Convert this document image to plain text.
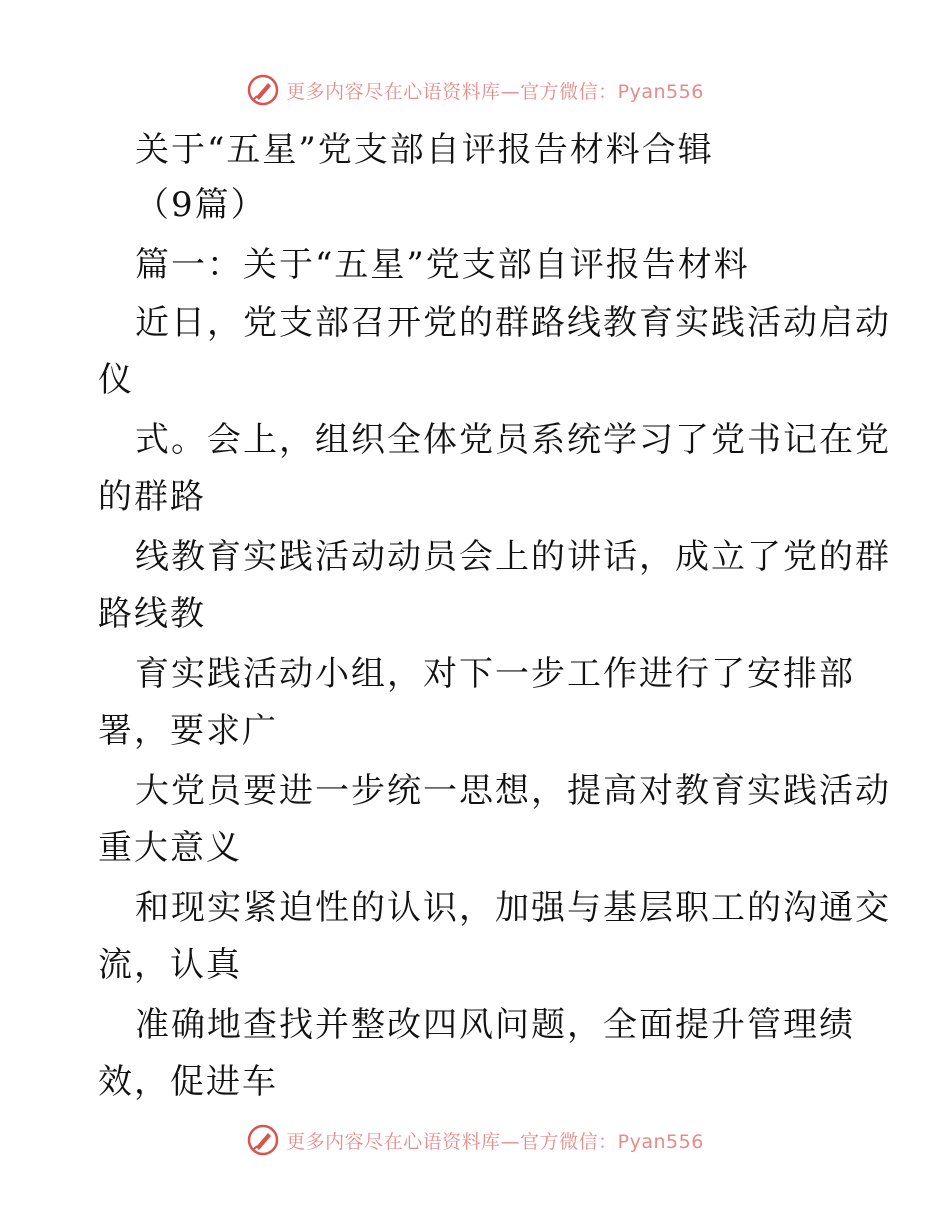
更多内容尽在心语资料库—官方微信：Pyan556
关于“五星”党支部自评报告材料合辑
（9篇）
篇一：关于“五星”党支部自评报告材料
近日，党支部召开党的群路线教育实践活动启动
仪
式。会上，组织全体党员系统学习了党书记在党
的群路
线教育实践活动动员会上的讲话，成立了党的群
路线教
育实践活动小组，对下一步工作进行了安排部
署，要求广
大党员要进一步统一思想，提高对教育实践活动
重大意义
和现实紧迫性的认识，加强与基层职工的沟通交
流，认真
准确地查找并整改四风问题，全面提升管理绩
效，促进车
更多内容尽在心语资料库—官方微信：Pyan556
